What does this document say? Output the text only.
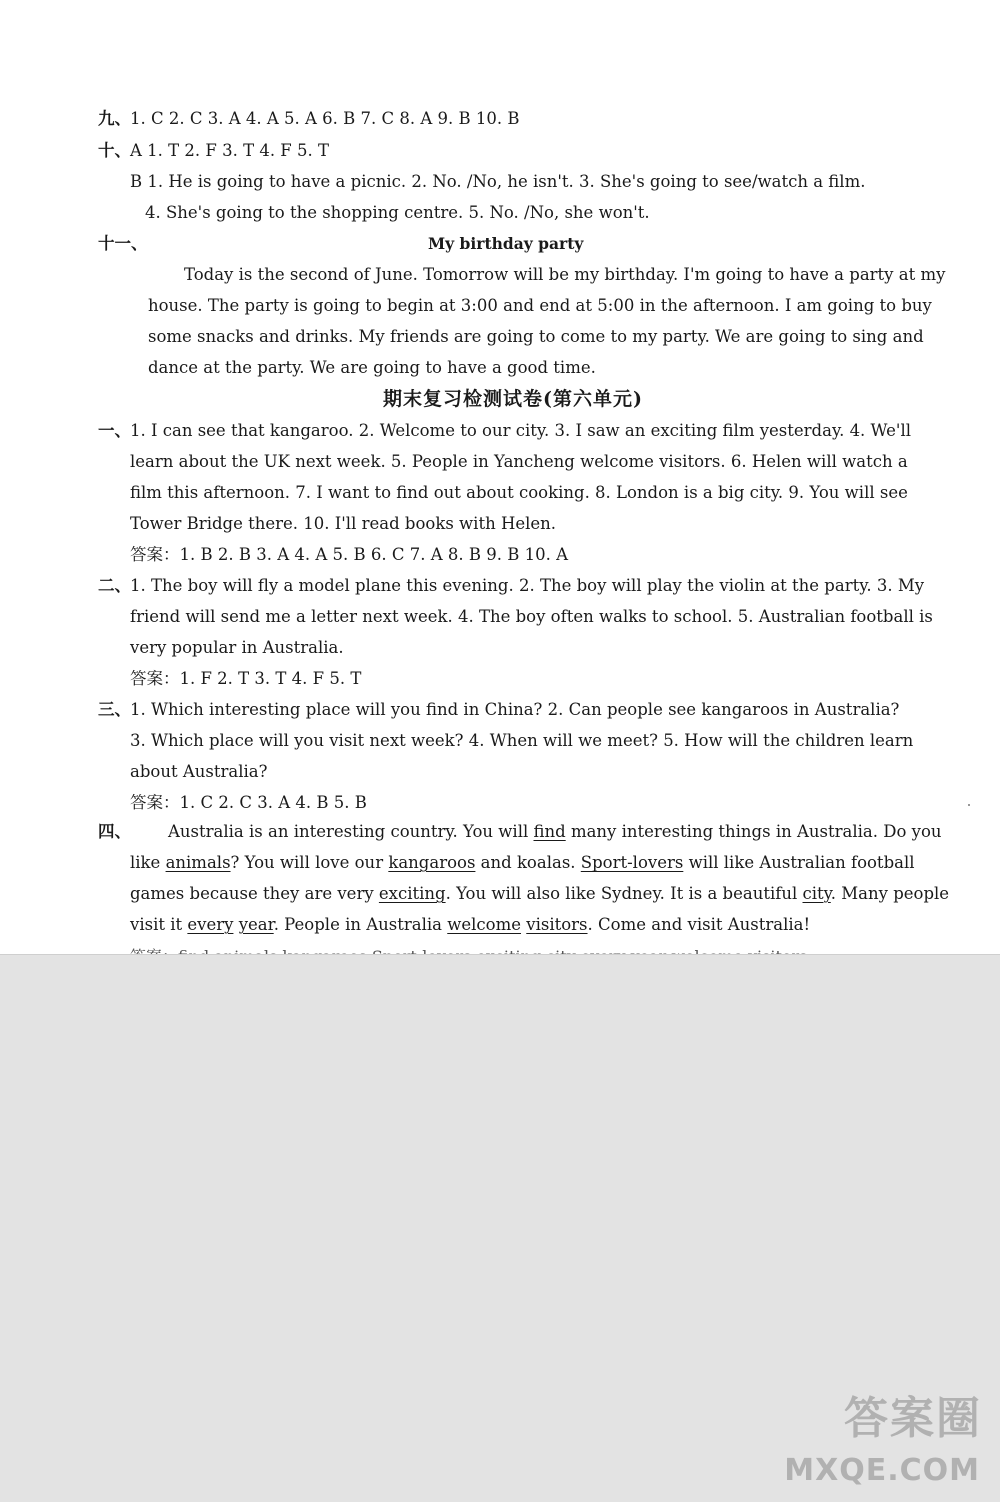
九、 1. C 2. C 3. A 4. A 5. A 6. B 7. C 8. A 9. B 10. B
十、 A 1. T 2. F 3. T 4. F 5. T
B 1. He is going to have a picnic. 2. No. /No, he isn't. 3. She's going to see/watch a film.
4. She's going to the shopping centre. 5. No. /No, she won't.
十一、	My birthday party
Today is the second of June. Tomorrow will be my birthday. I'm going to have a party at my
house. The party is going to begin at 3:00 and end at 5:00 in the afternoon. I am going to buy
some snacks and drinks. My friends are going to come to my party. We are going to sing and
dance at the party. We are going to have a good time.
期末复习检测试卷(第六单元)
一、 1. I can see that kangaroo. 2. Welcome to our city. 3. I saw an exciting film yesterday. 4. We'll
learn about the UK next week. 5. People in Yancheng welcome visitors. 6. Helen will watch a
film this afternoon. 7. I want to find out about cooking. 8. London is a big city. 9. You will see
Tower Bridge there. 10. I'll read books with Helen.
答案：1. B 2. B 3. A 4. A 5. B 6. C 7. A 8. B 9. B 10. A
二、 1. The boy will fly a model plane this evening. 2. The boy will play the violin at the party. 3. My
friend will send me a letter next week. 4. The boy often walks to school. 5. Australian football is
very popular in Australia.
答案：1. F 2. T 3. T 4. F 5. T
三、 1. Which interesting place will you find in China? 2. Can people see kangaroos in Australia?
3. Which place will you visit next week? 4. When will we meet? 5. How will the children learn
about Australia?
答案：1. C 2. C 3. A 4. B 5. B
四、 Australia is an interesting country. You will find many interesting things in Australia. Do you
like animals? You will love our kangaroos and koalas. Sport-lovers will like Australian football
games because they are very exciting. You will also like Sydney. It is a beautiful city. Many people
visit it every year. People in Australia welcome visitors. Come and visit Australia!
答案圈
MXQE.COM
